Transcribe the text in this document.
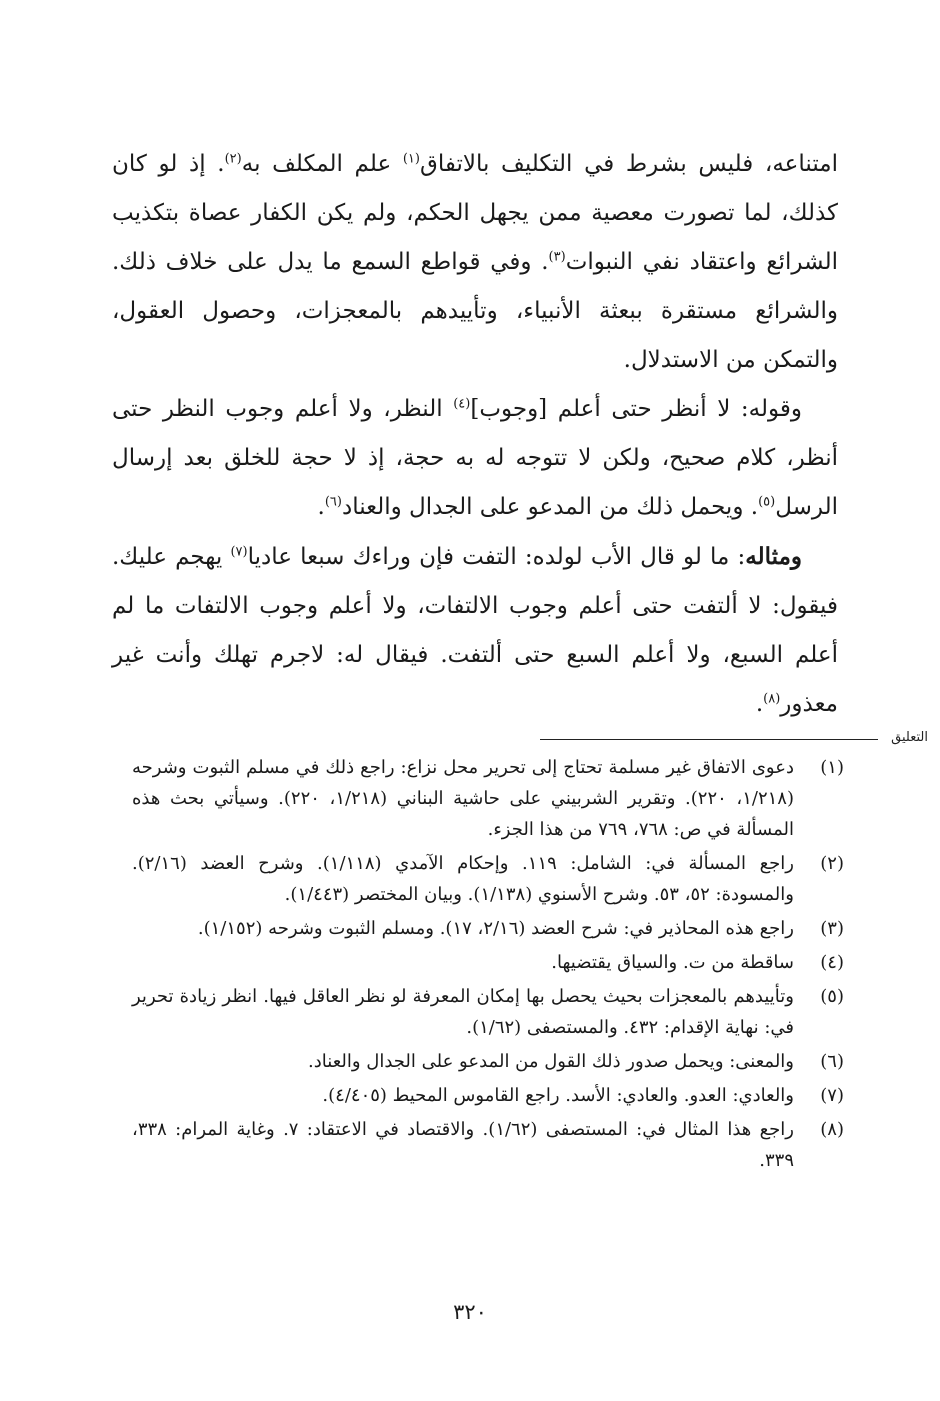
امتناعه، فليس بشرط في التكليف بالاتفاق$^{(١)}$ علم المكلف به$^{(٢)}$. إذ لو كان كذلك، لما تصورت معصية ممن يجهل الحكم، ولم يكن الكفار عصاة بتكذيب الشرائع واعتقاد نفي النبوات$^{(٣)}$. وفي قواطع السمع ما يدل على خلاف ذلك. والشرائع مستقرة ببعثة الأنبياء، وتأييدهم بالمعجزات، وحصول العقول، والتمكن من الاستدلال.

وقوله: لا أنظر حتى أعلم [وجوب]$^{(٤)}$ النظر، ولا أعلم وجوب النظر حتى أنظر، كلام صحيح، ولكن لا تتوجه له به حجة، إذ لا حجة للخلق بعد إرسال الرسل$^{(٥)}$. ويحمل ذلك من المدعو على الجدال والعناد$^{(٦)}$.

ومثاله: ما لو قال الأب لولده: التفت فإن وراءك سبعا عاديا$^{(٧)}$ يهجم عليك. فيقول: لا ألتفت حتى أعلم وجوب الالتفات، ولا أعلم وجوب الالتفات ما لم أعلم السبع، ولا أعلم السبع حتى ألتفت. فيقال له: لاجرم تهلك وأنت غير معذور$^{(٨)}$.

التعليق
(١)
دعوى الاتفاق غير مسلمة تحتاج إلى تحرير محل نزاع: راجع ذلك في مسلم الثبوت وشرحه (١/٢١٨، ٢٢٠). وتقرير الشربيني على حاشية البناني (١/٢١٨، ٢٢٠). وسيأتي بحث هذه المسألة في ص: ٧٦٨، ٧٦٩ من هذا الجزء.
(٢)
راجع المسألة في: الشامل: ١١٩. وإحكام الآمدي (١/١١٨). وشرح العضد (٢/١٦). والمسودة: ٥٢، ٥٣. وشرح الأسنوي (١/١٣٨). وبيان المختصر (١/٤٤٣).
(٣)
راجع هذه المحاذير في: شرح العضد (٢/١٦، ١٧). ومسلم الثبوت وشرحه (١/١٥٢).
(٤)
ساقطة من ت. والسياق يقتضيها.
(٥)
وتأييدهم بالمعجزات بحيث يحصل بها إمكان المعرفة لو نظر العاقل فيها. انظر زيادة تحرير في: نهاية الإقدام: ٤٣٢. والمستصفى (١/٦٢).
(٦)
والمعنى: ويحمل صدور ذلك القول من المدعو على الجدال والعناد.
(٧)
والعادي: العدو. والعادي: الأسد. راجع القاموس المحيط (٤/٤٠٥).
(٨)
راجع هذا المثال في: المستصفى (١/٦٢). والاقتصاد في الاعتقاد: ٧. وغاية المرام: ٣٣٨، ٣٣٩.
٣٢٠
